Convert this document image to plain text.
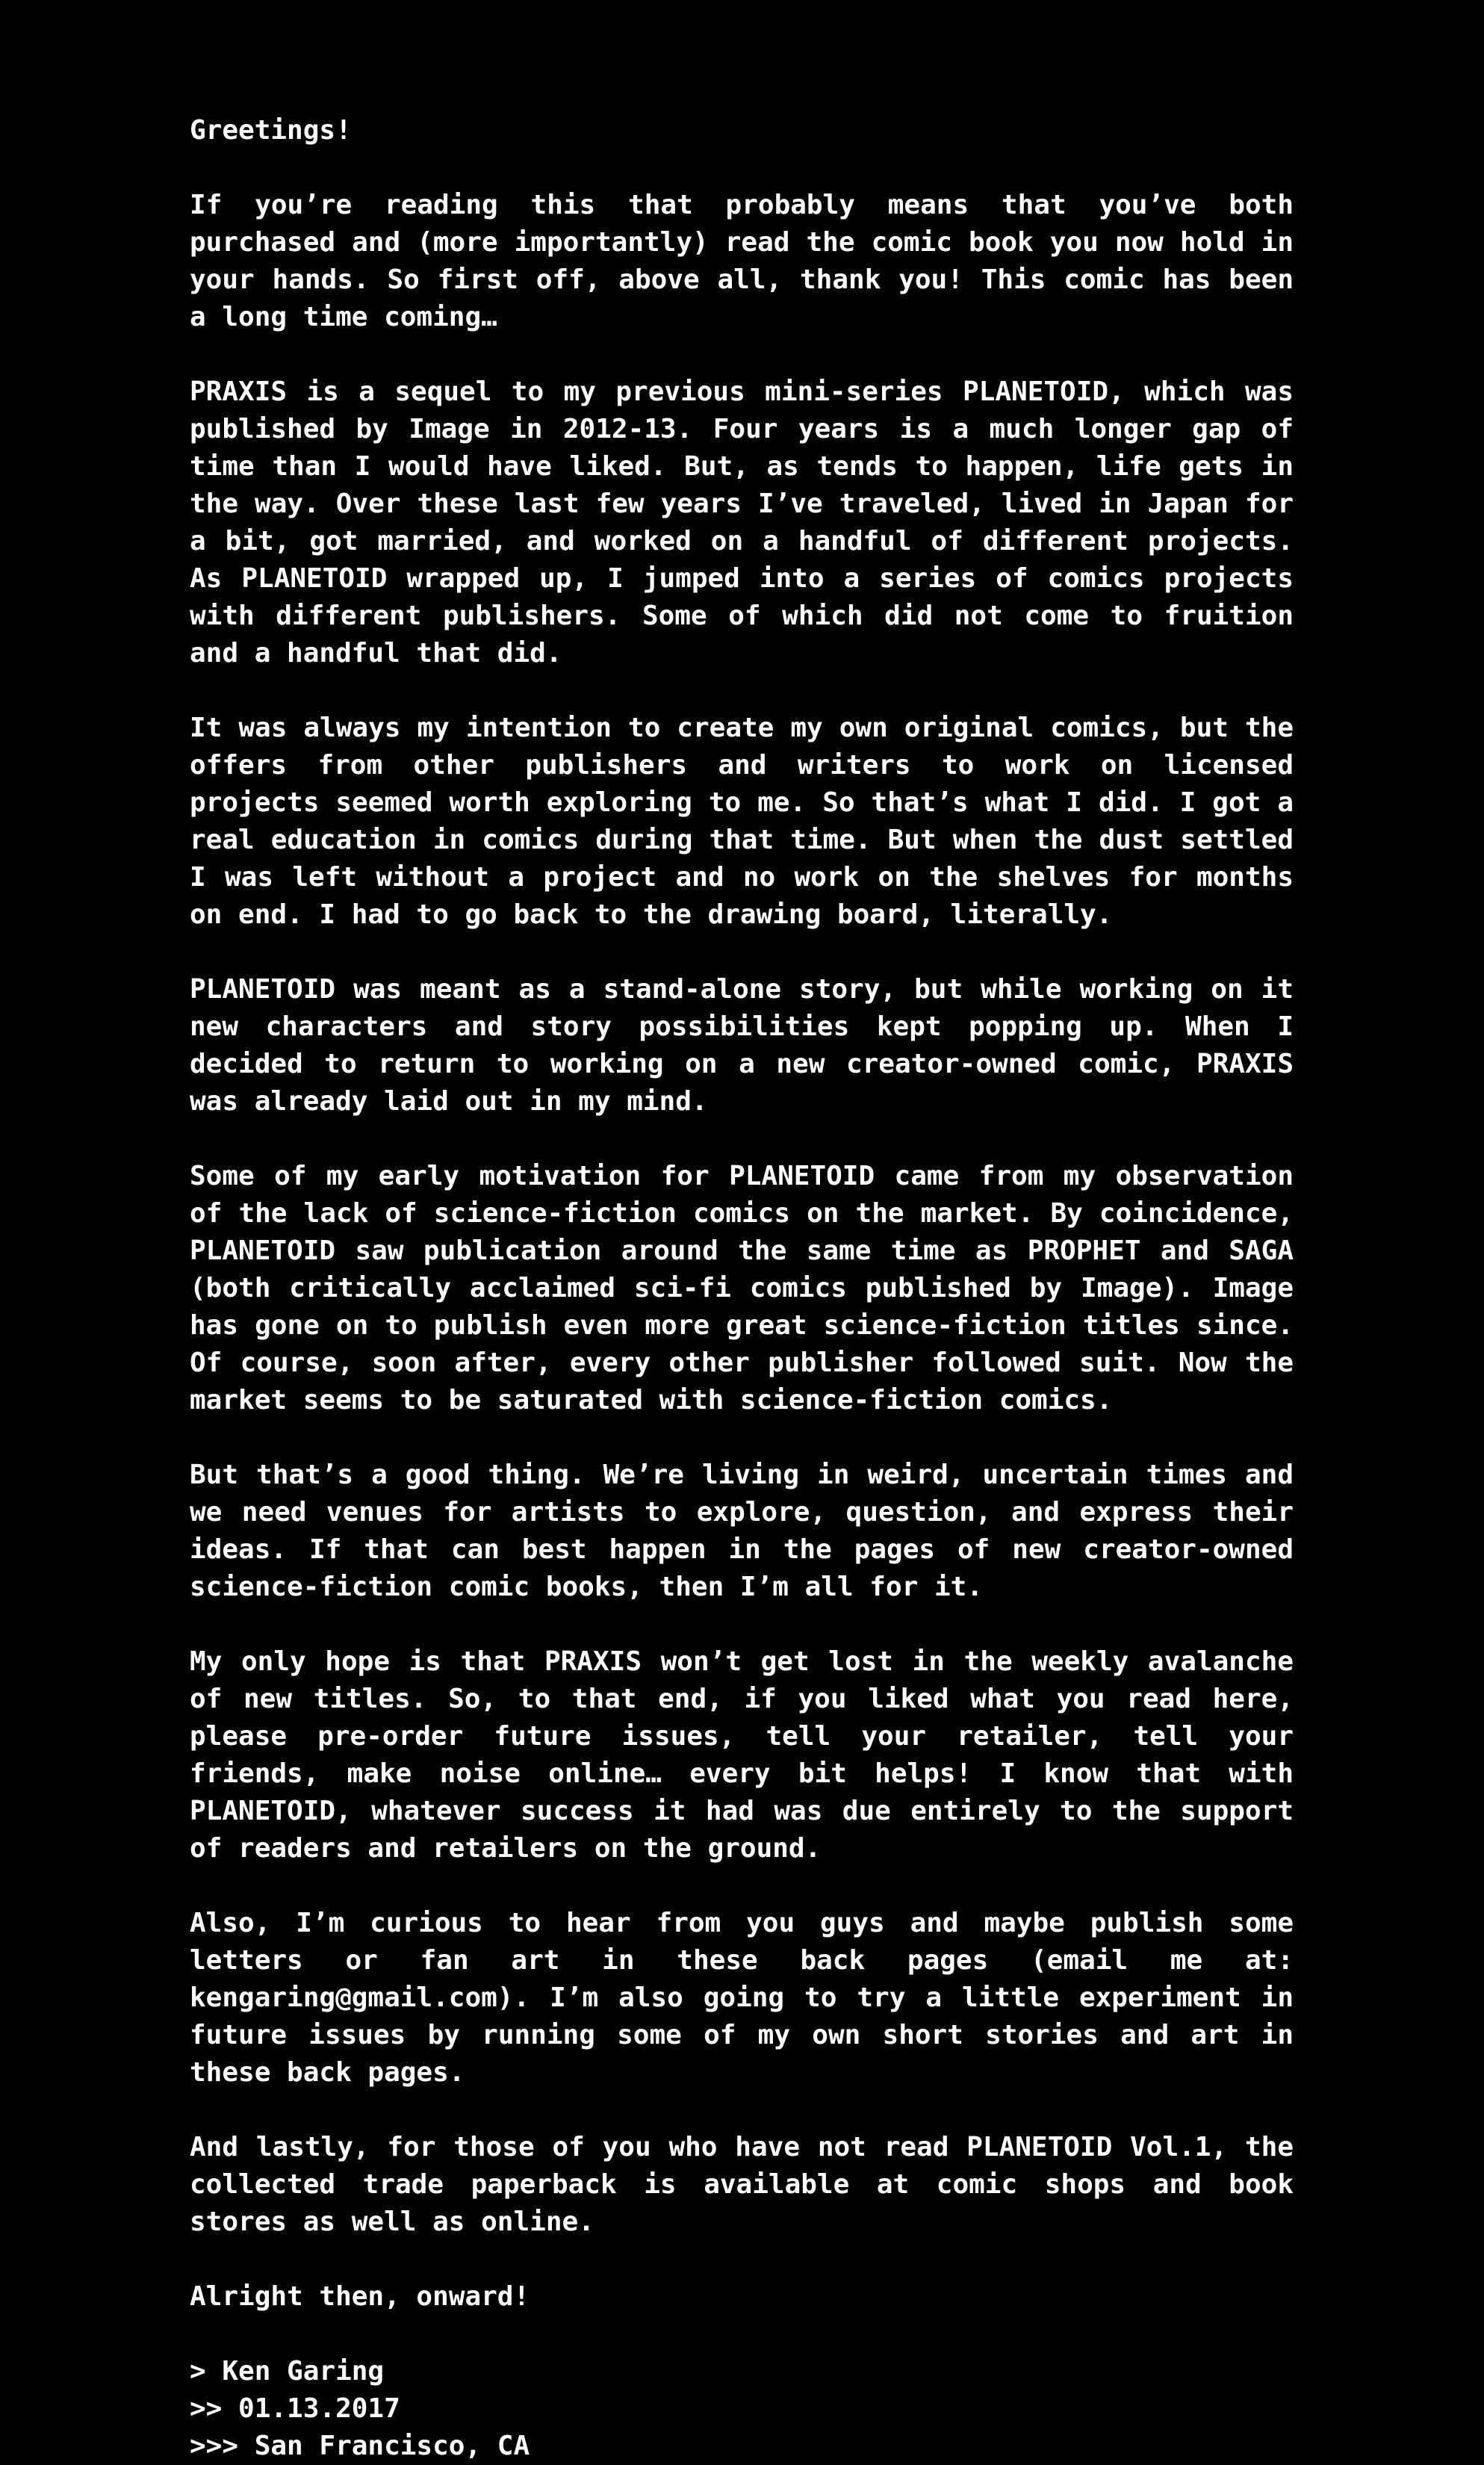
Greetings!

If you’re reading this that probably means that you’ve both purchased and (more importantly) read the comic book you now hold in your hands. So first off, above all, thank you! This comic has been a long time coming…

PRAXIS is a sequel to my previous mini-series PLANETOID, which was published by Image in 2012-13. Four years is a much longer gap of time than I would have liked. But, as tends to happen, life gets in the way. Over these last few years I’ve traveled, lived in Japan for a bit, got married, and worked on a handful of different projects. As PLANETOID wrapped up, I jumped into a series of comics projects with different publishers. Some of which did not come to fruition and a handful that did.

It was always my intention to create my own original comics, but the offers from other publishers and writers to work on licensed projects seemed worth exploring to me. So that’s what I did. I got a real education in comics during that time. But when the dust settled I was left without a project and no work on the shelves for months on end. I had to go back to the drawing board, literally.

PLANETOID was meant as a stand-alone story, but while working on it new characters and story possibilities kept popping up. When I decided to return to working on a new creator-owned comic, PRAXIS was already laid out in my mind.

Some of my early motivation for PLANETOID came from my observation of the lack of science-fiction comics on the market. By coincidence, PLANETOID saw publication around the same time as PROPHET and SAGA (both critically acclaimed sci-fi comics published by Image). Image has gone on to publish even more great science-fiction titles since. Of course, soon after, every other publisher followed suit. Now the market seems to be saturated with science-fiction comics.

But that’s a good thing. We’re living in weird, uncertain times and we need venues for artists to explore, question, and express their ideas. If that can best happen in the pages of new creator-owned science-fiction comic books, then I’m all for it.

My only hope is that PRAXIS won’t get lost in the weekly avalanche of new titles. So, to that end, if you liked what you read here, please pre-order future issues, tell your retailer, tell your friends, make noise online… every bit helps! I know that with PLANETOID, whatever success it had was due entirely to the support of readers and retailers on the ground.

Also, I’m curious to hear from you guys and maybe publish some letters or fan art in these back pages (email me at: kengaring@gmail.com). I’m also going to try a little experiment in future issues by running some of my own short stories and art in these back pages.

And lastly, for those of you who have not read PLANETOID Vol.1, the collected trade paperback is available at comic shops and book stores as well as online.

Alright then, onward!

> Ken Garing
>> 01.13.2017
>>> San Francisco, CA
